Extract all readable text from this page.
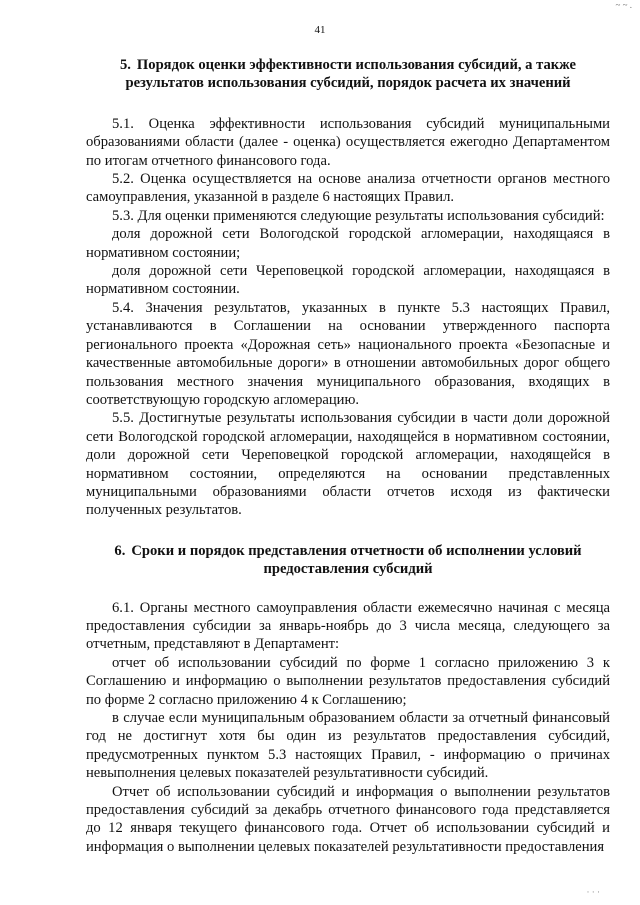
~ ~ .
41
5. Порядок оценки эффективности использования субсидий, а также
результатов использования субсидий, порядок расчета их значений

5.1. Оценка эффективности использования субсидий муниципальными образованиями области (далее - оценка) осуществляется ежегодно Департаментом по итогам отчетного финансового года.

5.2. Оценка осуществляется на основе анализа отчетности органов местного самоуправления, указанной в разделе 6 настоящих Правил.

5.3. Для оценки применяются следующие результаты использования субсидий:

доля дорожной сети Вологодской городской агломерации, находящаяся в нормативном состоянии;

доля дорожной сети Череповецкой городской агломерации, находящаяся в нормативном состоянии.

5.4. Значения результатов, указанных в пункте 5.3 настоящих Правил, устанавливаются в Соглашении на основании утвержденного паспорта регионального проекта «Дорожная сеть» национального проекта «Безопасные и качественные автомобильные дороги» в отношении автомобильных дорог общего пользования местного значения муниципального образования, входящих в соответствующую городскую агломерацию.

5.5. Достигнутые результаты использования субсидии в части доли дорожной сети Вологодской городской агломерации, находящейся в нормативном состоянии, доли дорожной сети Череповецкой городской агломерации, находящейся в нормативном состоянии, определяются на основании представленных муниципальными образованиями области отчетов исходя из фактически полученных результатов.

6. Сроки и порядок представления отчетности об исполнении условий
предоставления субсидий

6.1. Органы местного самоуправления области ежемесячно начиная с месяца предоставления субсидии за январь-ноябрь до 3 числа месяца, следующего за отчетным, представляют в Департамент:

отчет об использовании субсидий по форме 1 согласно приложению 3 к Соглашению и информацию о выполнении результатов предоставления субсидий по форме 2 согласно приложению 4 к Соглашению;

в случае если муниципальным образованием области за отчетный финансовый год не достигнут хотя бы один из результатов предоставления субсидий, предусмотренных пунктом 5.3 настоящих Правил, - информацию о причинах невыполнения целевых показателей результативности субсидий.

Отчет об использовании субсидий и информация о выполнении результатов предоставления субсидий за декабрь отчетного финансового года представляется до 12 января текущего финансового года. Отчет об использовании субсидий и информация о выполнении целевых показателей результативности предоставления

· · ·
